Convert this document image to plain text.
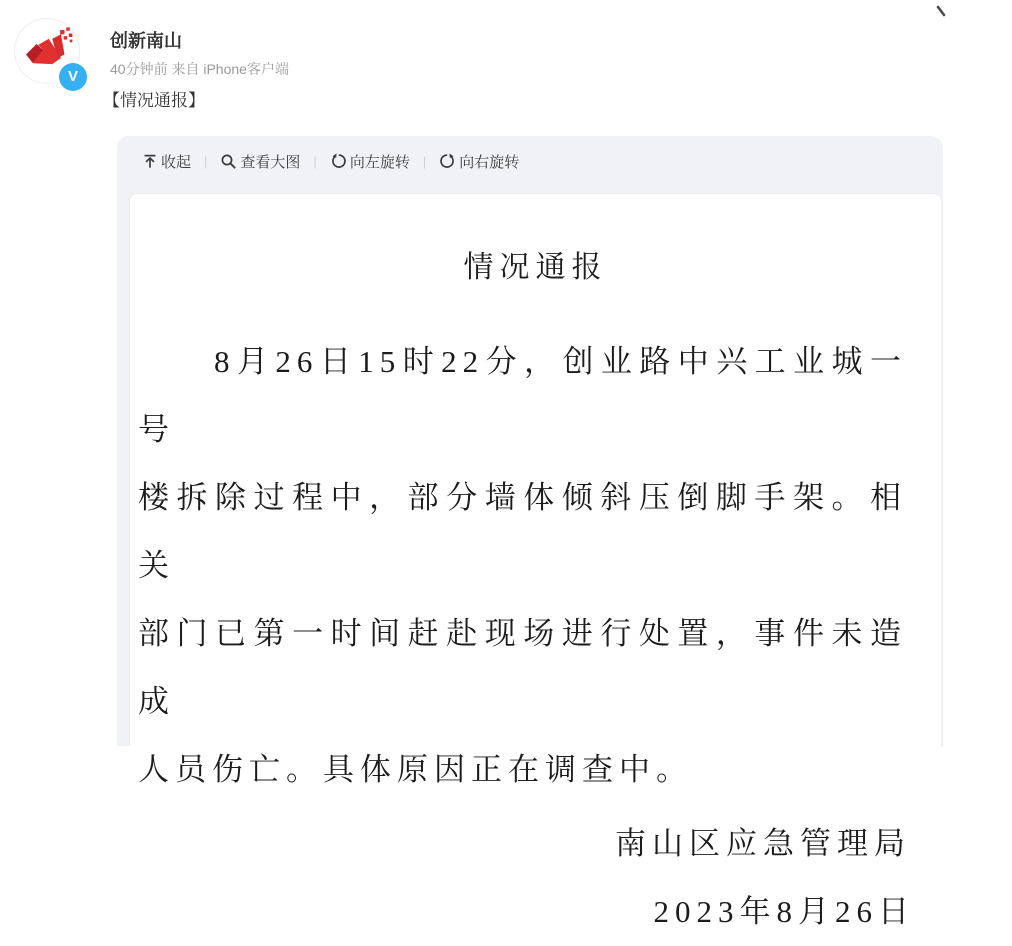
V
创新南山
40分钟前 来自 iPhone客户端
【情况通报】
收起 | 查看大图 | 向左旋转 | 向右旋转
情况通报
8月26日15时22分，创业路中兴工业城一号
楼拆除过程中，部分墙体倾斜压倒脚手架。相关
部门已第一时间赶赴现场进行处置，事件未造成
人员伤亡。具体原因正在调查中。
南山区应急管理局
2023年8月26日
